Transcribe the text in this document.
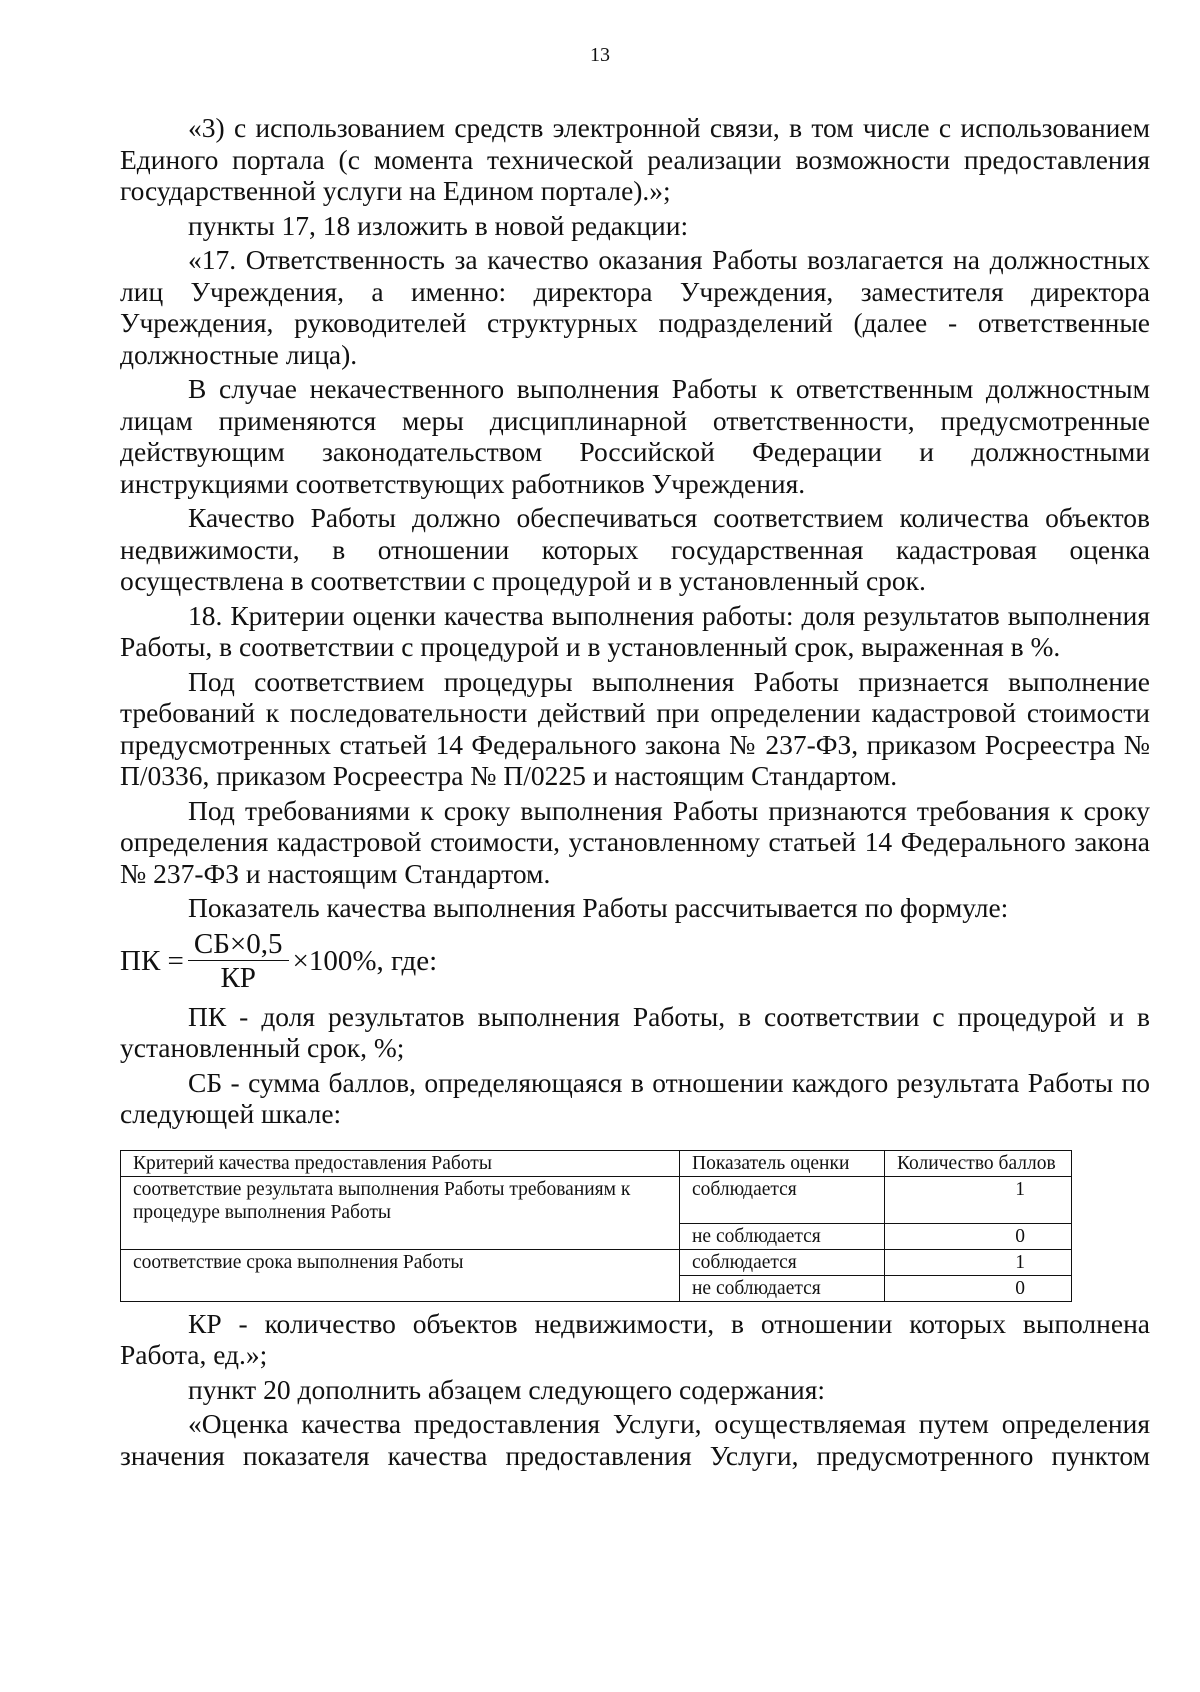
13

«3) с использованием средств электронной связи, в том числе с использованием Единого портала (с момента технической реализации возможности предоставления государственной услуги на Едином портале).»;

пункты 17, 18 изложить в новой редакции:

«17. Ответственность за качество оказания Работы возлагается на должностных лиц Учреждения, а именно: директора Учреждения, заместителя директора Учреждения, руководителей структурных подразделений (далее - ответственные должностные лица).

В случае некачественного выполнения Работы к ответственным должностным лицам применяются меры дисциплинарной ответственности, предусмотренные действующим законодательством Российской Федерации и должностными инструкциями соответствующих работников Учреждения.

Качество Работы должно обеспечиваться соответствием количества объектов недвижимости, в отношении которых государственная кадастровая оценка осуществлена в соответствии с процедурой и в установленный срок.

18. Критерии оценки качества выполнения работы: доля результатов выполнения Работы, в соответствии с процедурой и в установленный срок, выраженная в %.

Под соответствием процедуры выполнения Работы признается выполнение требований к последовательности действий при определении кадастровой стоимости предусмотренных статьей 14 Федерального закона № 237-ФЗ, приказом Росреестра № П/0336, приказом Росреестра № П/0225 и настоящим Стандартом.

Под требованиями к сроку выполнения Работы признаются требования к сроку определения кадастровой стоимости, установленному статьей 14 Федерального закона № 237-ФЗ и настоящим Стандартом.

Показатель качества выполнения Работы рассчитывается по формуле:

ПК = $\frac{СБ\times 0,5}{КР} \times 100\%$, где:

ПК - доля результатов выполнения Работы, в соответствии с процедурой и в установленный срок, %;

СБ - сумма баллов, определяющаяся в отношении каждого результата Работы по следующей шкале:

Критерий качества предоставления Работы	Показатель оценки	Количество баллов
соответствие результата выполнения Работы требованиям к процедуре выполнения Работы	соблюдается	1
	не соблюдается	0
соответствие срока выполнения Работы	соблюдается	1
	не соблюдается	0

КР - количество объектов недвижимости, в отношении которых выполнена Работа, ед.»;

пункт 20 дополнить абзацем следующего содержания:

«Оценка качества предоставления Услуги, осуществляемая путем определения значения показателя качества предоставления Услуги, предусмотренного пунктом
